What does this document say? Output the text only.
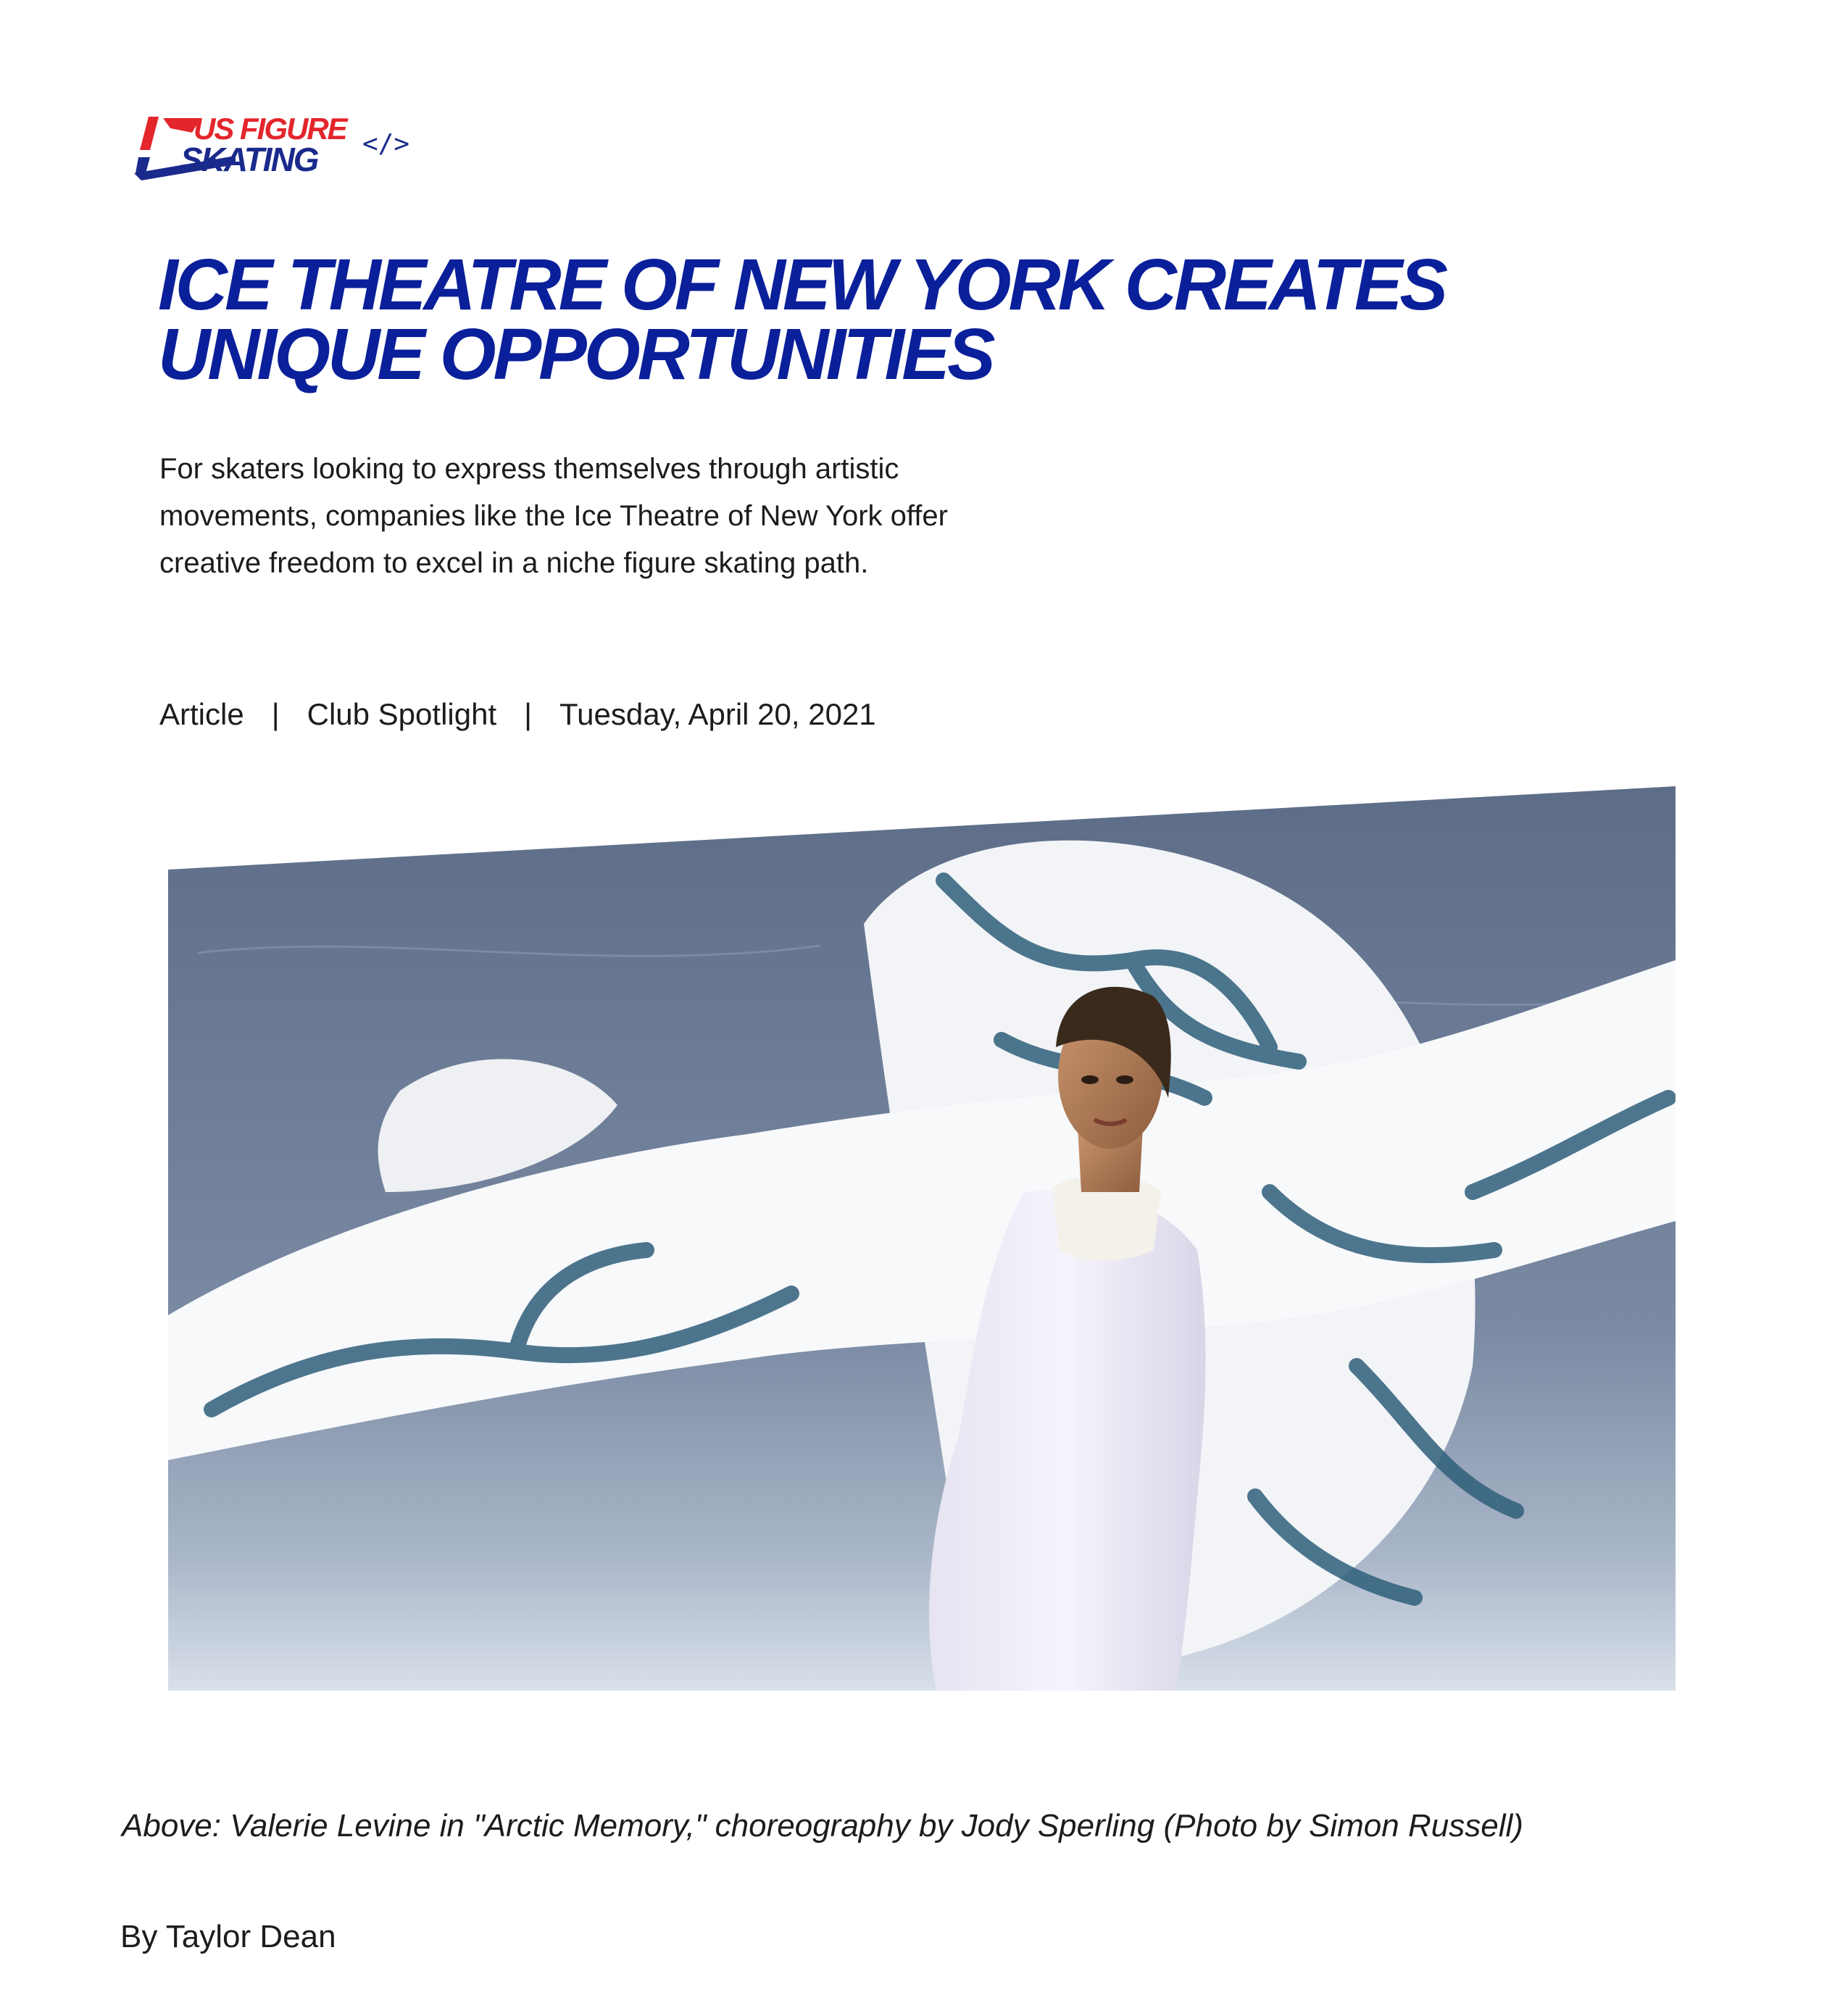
US FIGURE
SKATING </>
ICE THEATRE OF NEW YORK CREATES UNIQUE OPPORTUNITIES

For skaters looking to express themselves through artistic movements, companies like the Ice Theatre of New York offer creative freedom to excel in a niche figure skating path.

Article | Club Spotlight | Tuesday, April 20, 2021

Above: Valerie Levine in "Arctic Memory," choreography by Jody Sperling (Photo by Simon Russell)

By Taylor Dean
